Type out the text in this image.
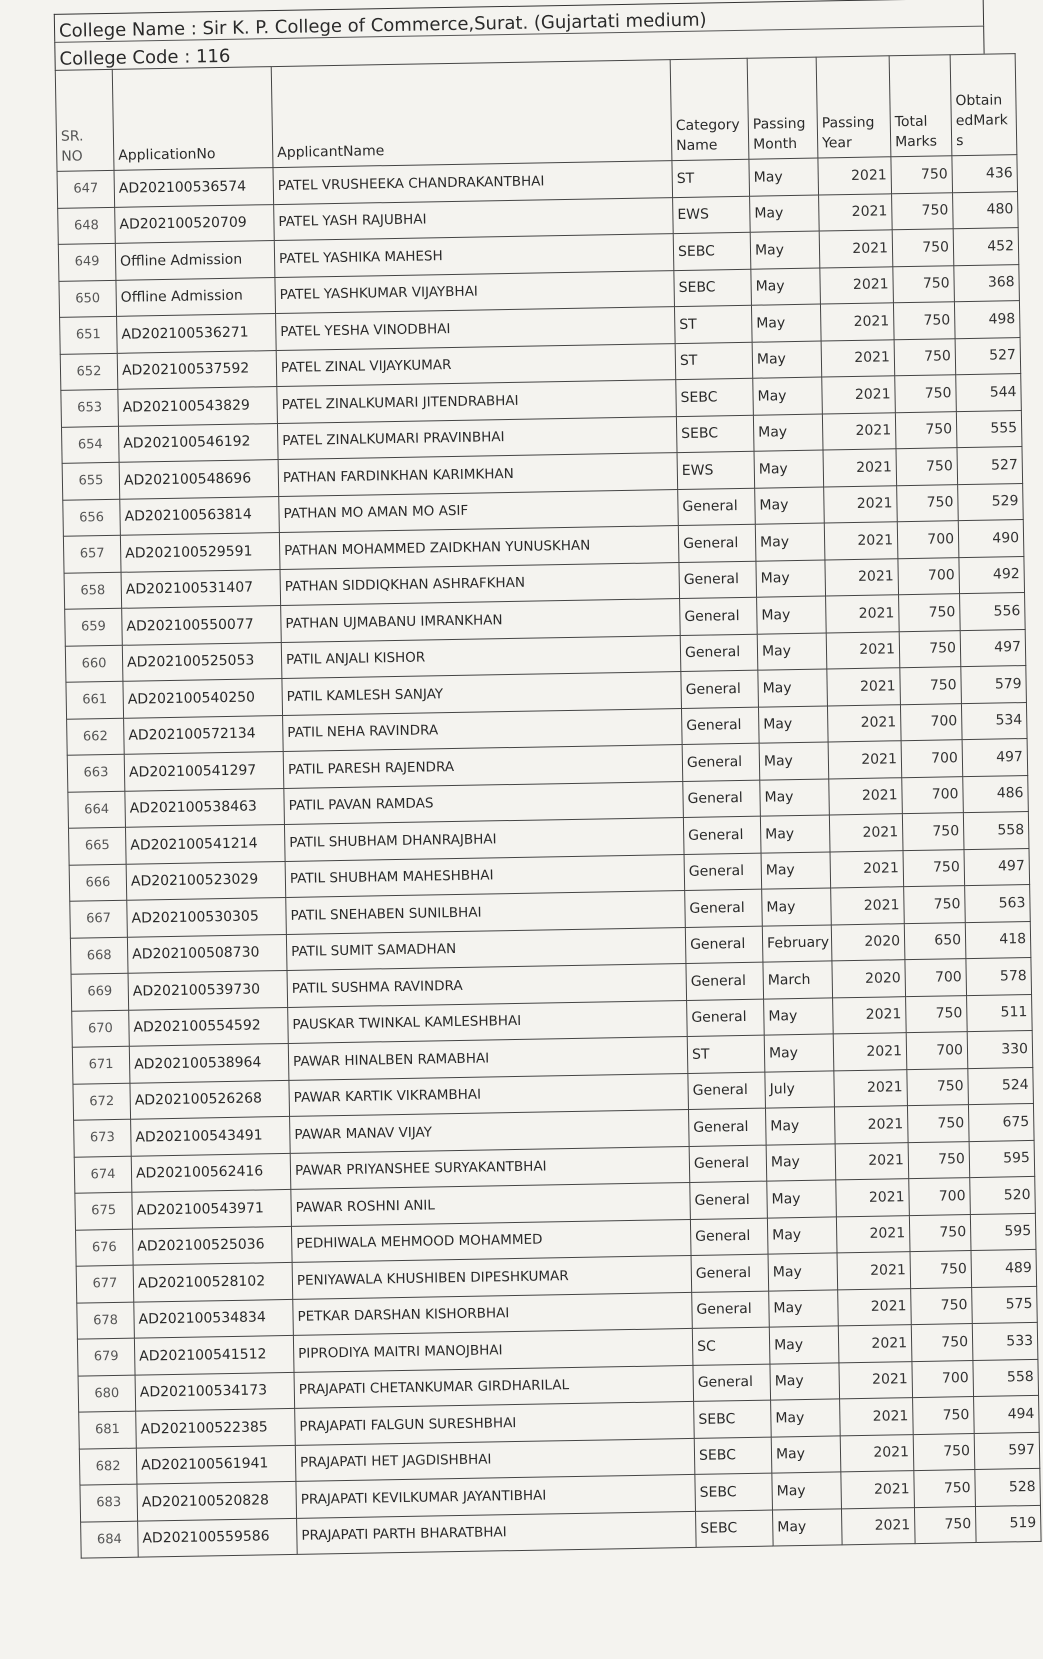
College Name : Sir K. P. College of Commerce,Surat. (Gujartati medium)
College Code : 116
SR. NO	ApplicationNo	ApplicantName	Category Name	Passing Month	Passing Year	Total Marks	Obtain edMark s
647	AD202100536574	PATEL VRUSHEEKA CHANDRAKANTBHAI	ST	May	2021	750	436
648	AD202100520709	PATEL YASH RAJUBHAI	EWS	May	2021	750	480
649	Offline Admission	PATEL YASHIKA MAHESH	SEBC	May	2021	750	452
650	Offline Admission	PATEL YASHKUMAR VIJAYBHAI	SEBC	May	2021	750	368
651	AD202100536271	PATEL YESHA VINODBHAI	ST	May	2021	750	498
652	AD202100537592	PATEL ZINAL VIJAYKUMAR	ST	May	2021	750	527
653	AD202100543829	PATEL ZINALKUMARI JITENDRABHAI	SEBC	May	2021	750	544
654	AD202100546192	PATEL ZINALKUMARI PRAVINBHAI	SEBC	May	2021	750	555
655	AD202100548696	PATHAN FARDINKHAN KARIMKHAN	EWS	May	2021	750	527
656	AD202100563814	PATHAN MO AMAN MO ASIF	General	May	2021	750	529
657	AD202100529591	PATHAN MOHAMMED ZAIDKHAN YUNUSKHAN	General	May	2021	700	490
658	AD202100531407	PATHAN SIDDIQKHAN ASHRAFKHAN	General	May	2021	700	492
659	AD202100550077	PATHAN UJMABANU IMRANKHAN	General	May	2021	750	556
660	AD202100525053	PATIL ANJALI KISHOR	General	May	2021	750	497
661	AD202100540250	PATIL KAMLESH SANJAY	General	May	2021	750	579
662	AD202100572134	PATIL NEHA RAVINDRA	General	May	2021	700	534
663	AD202100541297	PATIL PARESH RAJENDRA	General	May	2021	700	497
664	AD202100538463	PATIL PAVAN RAMDAS	General	May	2021	700	486
665	AD202100541214	PATIL SHUBHAM DHANRAJBHAI	General	May	2021	750	558
666	AD202100523029	PATIL SHUBHAM MAHESHBHAI	General	May	2021	750	497
667	AD202100530305	PATIL SNEHABEN SUNILBHAI	General	May	2021	750	563
668	AD202100508730	PATIL SUMIT SAMADHAN	General	February	2020	650	418
669	AD202100539730	PATIL SUSHMA RAVINDRA	General	March	2020	700	578
670	AD202100554592	PAUSKAR TWINKAL KAMLESHBHAI	General	May	2021	750	511
671	AD202100538964	PAWAR HINALBEN RAMABHAI	ST	May	2021	700	330
672	AD202100526268	PAWAR KARTIK VIKRAMBHAI	General	July	2021	750	524
673	AD202100543491	PAWAR MANAV VIJAY	General	May	2021	750	675
674	AD202100562416	PAWAR PRIYANSHEE SURYAKANTBHAI	General	May	2021	750	595
675	AD202100543971	PAWAR ROSHNI ANIL	General	May	2021	700	520
676	AD202100525036	PEDHIWALA MEHMOOD MOHAMMED	General	May	2021	750	595
677	AD202100528102	PENIYAWALA KHUSHIBEN DIPESHKUMAR	General	May	2021	750	489
678	AD202100534834	PETKAR DARSHAN KISHORBHAI	General	May	2021	750	575
679	AD202100541512	PIPRODIYA MAITRI MANOJBHAI	SC	May	2021	750	533
680	AD202100534173	PRAJAPATI CHETANKUMAR GIRDHARILAL	General	May	2021	700	558
681	AD202100522385	PRAJAPATI FALGUN SURESHBHAI	SEBC	May	2021	750	494
682	AD202100561941	PRAJAPATI HET JAGDISHBHAI	SEBC	May	2021	750	597
683	AD202100520828	PRAJAPATI KEVILKUMAR JAYANTIBHAI	SEBC	May	2021	750	528
684	AD202100559586	PRAJAPATI PARTH BHARATBHAI	SEBC	May	2021	750	519
